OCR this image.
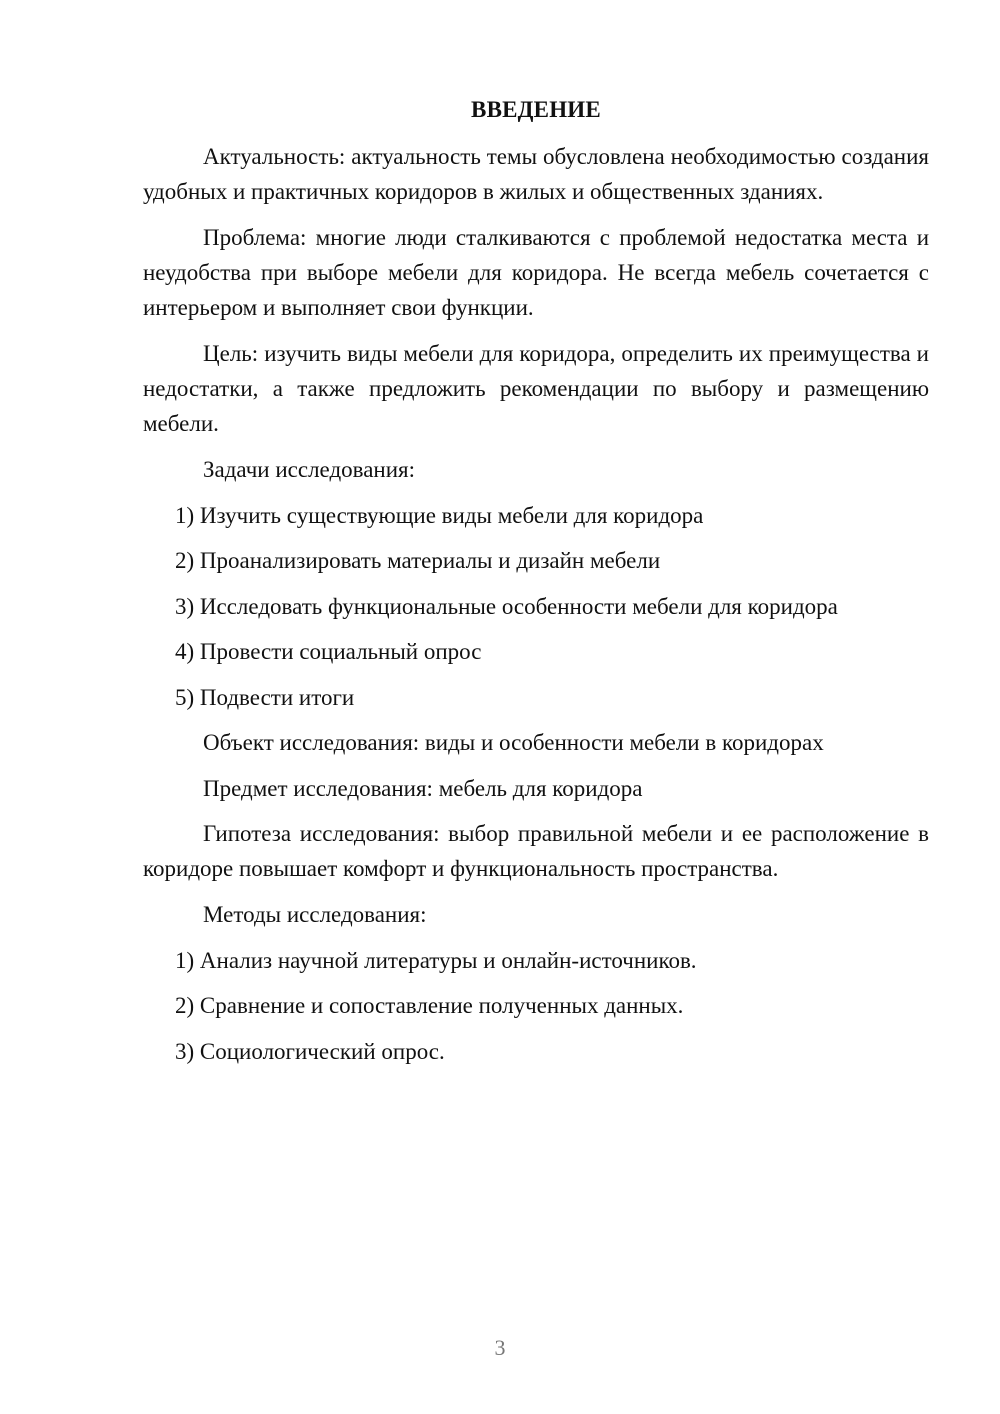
ВВЕДЕНИЕ

Актуальность: актуальность темы обусловлена необходимостью создания удобных и практичных коридоров в жилых и общественных зданиях.

Проблема: многие люди сталкиваются с проблемой недостатка места и неудобства при выборе мебели для коридора. Не всегда мебель сочетается с интерьером и выполняет свои функции.

Цель: изучить виды мебели для коридора, определить их преимущества и недостатки, а также предложить рекомендации по выбору и размещению мебели.

Задачи исследования:
1) Изучить существующие виды мебели для коридора
2) Проанализировать материалы и дизайн мебели
3) Исследовать функциональные особенности мебели для коридора
4) Провести социальный опрос
5) Подвести итоги
Объект исследования: виды и особенности мебели в коридорах
Предмет исследования: мебель для коридора

Гипотеза исследования: выбор правильной мебели и ее расположение в коридоре повышает комфорт и функциональность пространства.

Методы исследования:
1) Анализ научной литературы и онлайн-источников.
2) Сравнение и сопоставление полученных данных.
3) Социологический опрос.
3
